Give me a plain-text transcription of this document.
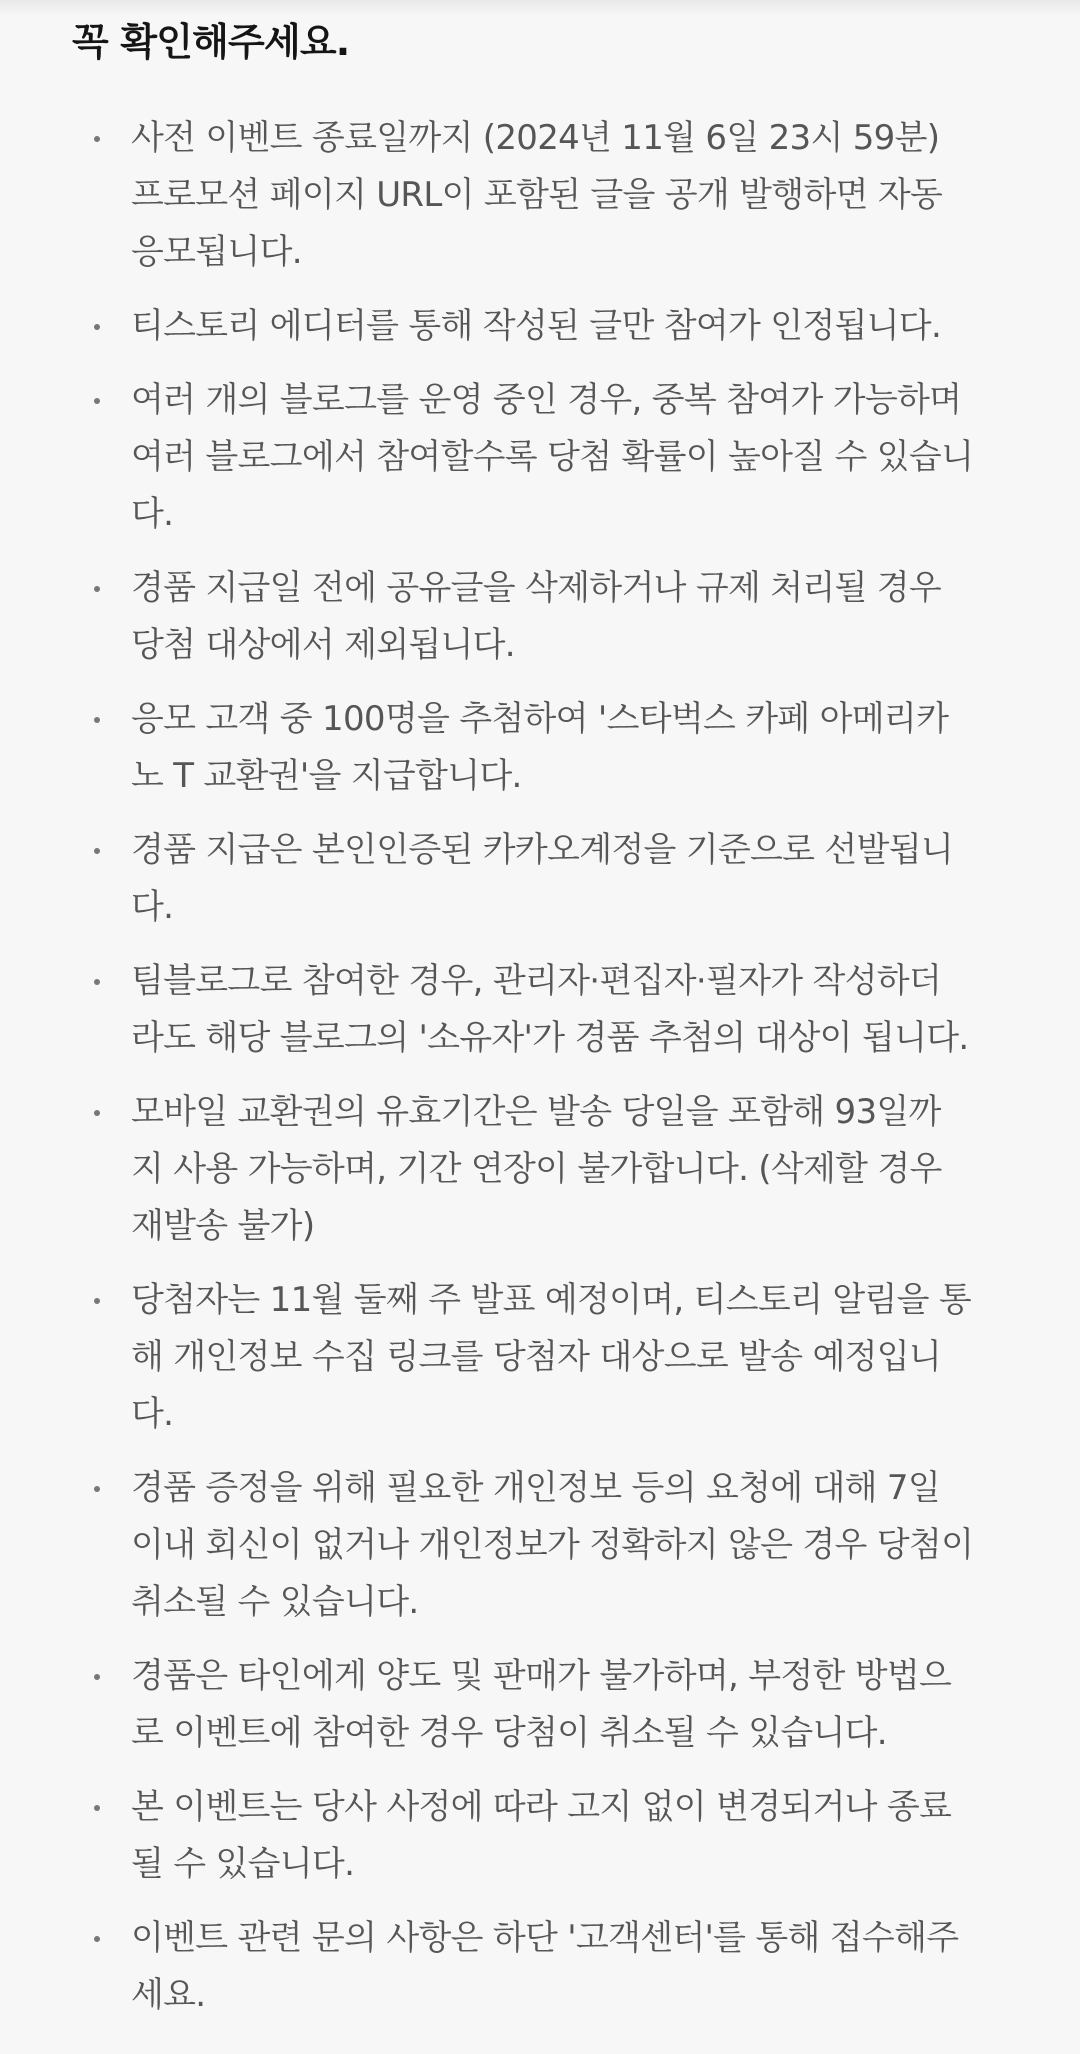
꼭 확인해주세요.
사전 이벤트 종료일까지 (2024년 11월 6일 23시 59분)
프로모션 페이지 URL이 포함된 글을 공개 발행하면 자동
응모됩니다.
티스토리 에디터를 통해 작성된 글만 참여가 인정됩니다.
여러 개의 블로그를 운영 중인 경우, 중복 참여가 가능하며
여러 블로그에서 참여할수록 당첨 확률이 높아질 수 있습니
다.
경품 지급일 전에 공유글을 삭제하거나 규제 처리될 경우
당첨 대상에서 제외됩니다.
응모 고객 중 100명을 추첨하여 '스타벅스 카페 아메리카
노 T 교환권'을 지급합니다.
경품 지급은 본인인증된 카카오계정을 기준으로 선발됩니
다.
팀블로그로 참여한 경우, 관리자·편집자·필자가 작성하더
라도 해당 블로그의 '소유자'가 경품 추첨의 대상이 됩니다.
모바일 교환권의 유효기간은 발송 당일을 포함해 93일까
지 사용 가능하며, 기간 연장이 불가합니다. (삭제할 경우
재발송 불가)
당첨자는 11월 둘째 주 발표 예정이며, 티스토리 알림을 통
해 개인정보 수집 링크를 당첨자 대상으로 발송 예정입니
다.
경품 증정을 위해 필요한 개인정보 등의 요청에 대해 7일
이내 회신이 없거나 개인정보가 정확하지 않은 경우 당첨이
취소될 수 있습니다.
경품은 타인에게 양도 및 판매가 불가하며, 부정한 방법으
로 이벤트에 참여한 경우 당첨이 취소될 수 있습니다.
본 이벤트는 당사 사정에 따라 고지 없이 변경되거나 종료
될 수 있습니다.
이벤트 관련 문의 사항은 하단 '고객센터'를 통해 접수해주
세요.
